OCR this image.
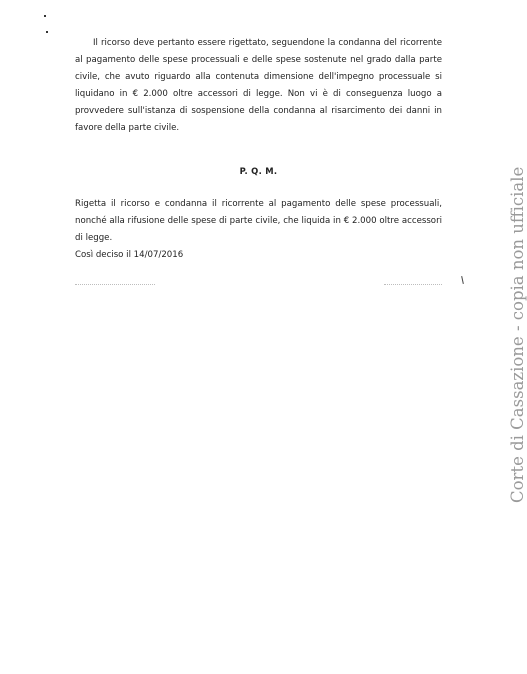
Il ricorso deve pertanto essere rigettato, seguendone la condanna del ricorrente al pagamento delle spese processuali e delle spese sostenute nel grado dalla parte civile, che avuto riguardo alla contenuta dimensione dell'impegno processuale si liquidano in € 2.000 oltre accessori di legge. Non vi è di conseguenza luogo a provvedere sull'istanza di sospensione della condanna al risarcimento dei danni in favore della parte civile.

P. Q. M.

Rigetta il ricorso e condanna il ricorrente al pagamento delle spese processuali, nonché alla rifusione delle spese di parte civile, che liquida in € 2.000 oltre accessori di legge.

Così deciso il 14/07/2016	Corte di Cassazione - copia non ufficiale
